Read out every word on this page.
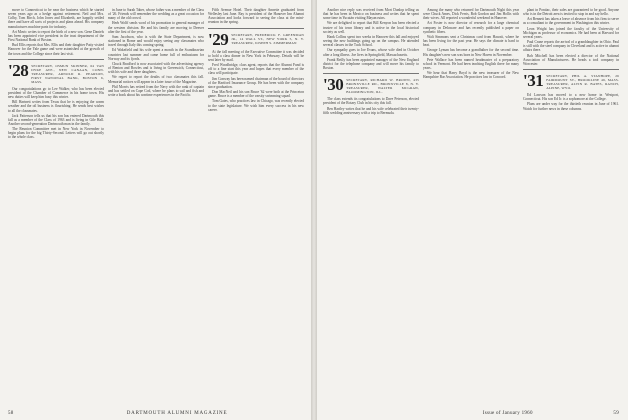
move to Connecticut to be near the business which he started seven years ago as a hedge against retirement. Neil and Mrs. Colby, Tom Birch, John Jones and Elizabeth, are happily settled there and have all sorts of projects and plans ahead. His company manufactures machine parts for industry.

Art Mavic writes to report the birth of a new son. Gene Daniels has been appointed vice president in the trust department of the First National Bank of Boston.

Bud Ellis reports that Mrs. Ellis and their daughter Patty visited Hanover for the Yale game and were astonished at the growth of the town and the College since their last visit.

'28 SECRETARY, OSMUN SKINNER, 64 VAN DYKE AVE., NEW CANAAN, CONN. TREASURER, ARNOLD R. PEARSON, FIRST NATIONAL BANK, BOSTON 6, MASS.

Our congratulations go to Lee Walker, who has been elected president of the Chamber of Commerce in his home town. His new duties will keep him busy this winter.

Bill Hartnett writes from Texas that he is enjoying the warm weather and the oil business is flourishing. He sends best wishes to all the classmates.

Jack Patterson tells us that his son has entered Dartmouth this fall as a member of the Class of 1963 and is living in Gile Hall. Another second-generation Dartmouth man in the family.

The Reunion Committee met in New York in November to begin plans for the big Thirty-Second. Letters will go out shortly to the whole class.

in June to Sarah Taber, whose father was a member of the Class of '26. Friends will remember the wedding as a great occasion for many of the old crowd.

Herb Wolff sends word of his promotion to general manager of the western division. He and his family are moving to Denver after the first of the year.

Sam Jacobson, who is with the State Department, is now stationed in Rome and would enjoy seeing any classmates who travel through Italy this coming spring.

Ed Wakefield and his wife spent a month in the Scandinavian countries last summer and came home full of enthusiasm for Norway and its fjords.

Chuck Bradford is now associated with the advertising agency of Benton and Bowles and is living in Greenwich, Connecticut, with his wife and three daughters.

We regret to report the deaths of two classmates this fall. Memorial notices will appear in a later issue of the Magazine.

Phil Morris has retired from the Navy with the rank of captain and has settled on Cape Cod, where he plans to sail and fish and write a book about his wartime experiences in the Pacific.

Fifth Avenue Hotel. Their daughter Annette graduated from Wellesley last June. Ray is president of the Hanover Inn Alumni Association and looks forward to seeing the class at the mini-reunion in the spring.

'29 SECRETARY, FREDERICK F. GREENMAN JR., 14 WALL ST., NEW YORK 5, N. Y. TREASURER, JOSEPH S. ZIMMERMAN

At the fall meeting of the Executive Committee it was decided to hold a class dinner in New York in February. Details will be sent later by mail.

Fred Woodbridge, class agent, reports that the Alumni Fund is off to a fine start this year and hopes that every member of the class will participate.

Jim Conway has been named chairman of the board of directors of the Hartford Insurance Group. He has been with the company since graduation.

Don MacNeil and his son Bruce '62 were both at the Princeton game. Bruce is a member of the varsity swimming squad.

Tom Gates, who practices law in Chicago, was recently elected to the state legislature. We wish him every success in his new career.

58	DARTMOUTH ALUMNI MAGAZINE

Another nice reply was received from Mort Dunlop telling us that he has been in Mexico on business and writes that he spent some time in Yucatán visiting Mayan ruins.

We are delighted to report that Bill Kenyon has been elected a trustee of his town library and is active in the local historical society as well.

Hank Collins spent two weeks in Hanover this fall and enjoyed seeing the new buildings going up on the campus. He attended several classes in the Tuck School.

Our sympathy goes to Joe Evans, whose wife died in October after a long illness. Joe lives in Springfield, Massachusetts.

Frank Reilly has been appointed manager of the New England district for the telephone company and will move his family to Boston.

'30 SECRETARY, RICHARD W. BROWN, 435 BRONXVILLE RD., BRONXVILLE 8, N. Y. TREASURER, WALTER MCGRAW, BLOOMINGTON, ILL.

The class extends its congratulations to Dave Peterson, elected president of the Rotary Club in his city this fall.

Ben Hartley writes that he and his wife celebrated their twenty-fifth wedding anniversary with a trip to Bermuda.

Among the many who returned for Dartmouth Night this year were Chuck Ames, Dick Ferris, Bob Gordon and Jim Hollis with their wives. All reported a wonderful weekend in Hanover.

Art Foster is now director of research for a large chemical company in Delaware and has recently published a paper on synthetic fibers.

Walt Simmons sent a Christmas card from Hawaii, where he has been living for the past year. He says the climate is hard to beat.

George Lyman has become a grandfather for the second time. His daughter's new son was born in New Haven in November.

Pete Wallace has been named headmaster of a preparatory school in Vermont. He had been teaching English there for many years.

We hear that Harry Boyd is the new treasurer of the New Hampshire Bar Association. He practices law in Concord.

plant in Pontiac, their sales are guaranteed to be good. Anyone who is in the Detroit area is invited to stop in and say hello.

Art Bennett has taken a leave of absence from his firm to serve as a consultant to the government in Washington this winter.

Leon Wright has joined the faculty of the University of Michigan as professor of economics. He had been at Harvard for several years.

Paul Crane reports the arrival of a granddaughter in Ohio. Paul is still with the steel company in Cleveland and is active in alumni affairs there.

Bob Mitchell has been elected a director of the National Association of Manufacturers. He heads a tool company in Worcester.

'31 SECRETARY, PHIL A. STANHOPE, 26 FAIRMOUNT ST., BROOKLINE 46, MASS. TREASURER, ALVIN R. BATES, RANCH, ALPINE, WYO.

Ed Lawson has moved to a new home in Westport, Connecticut. His son Ed Jr. is a sophomore at the College.

Plans are under way for the thirtieth reunion in June of 1961. Watch for further news in these columns.

Issue of January 1960	59
